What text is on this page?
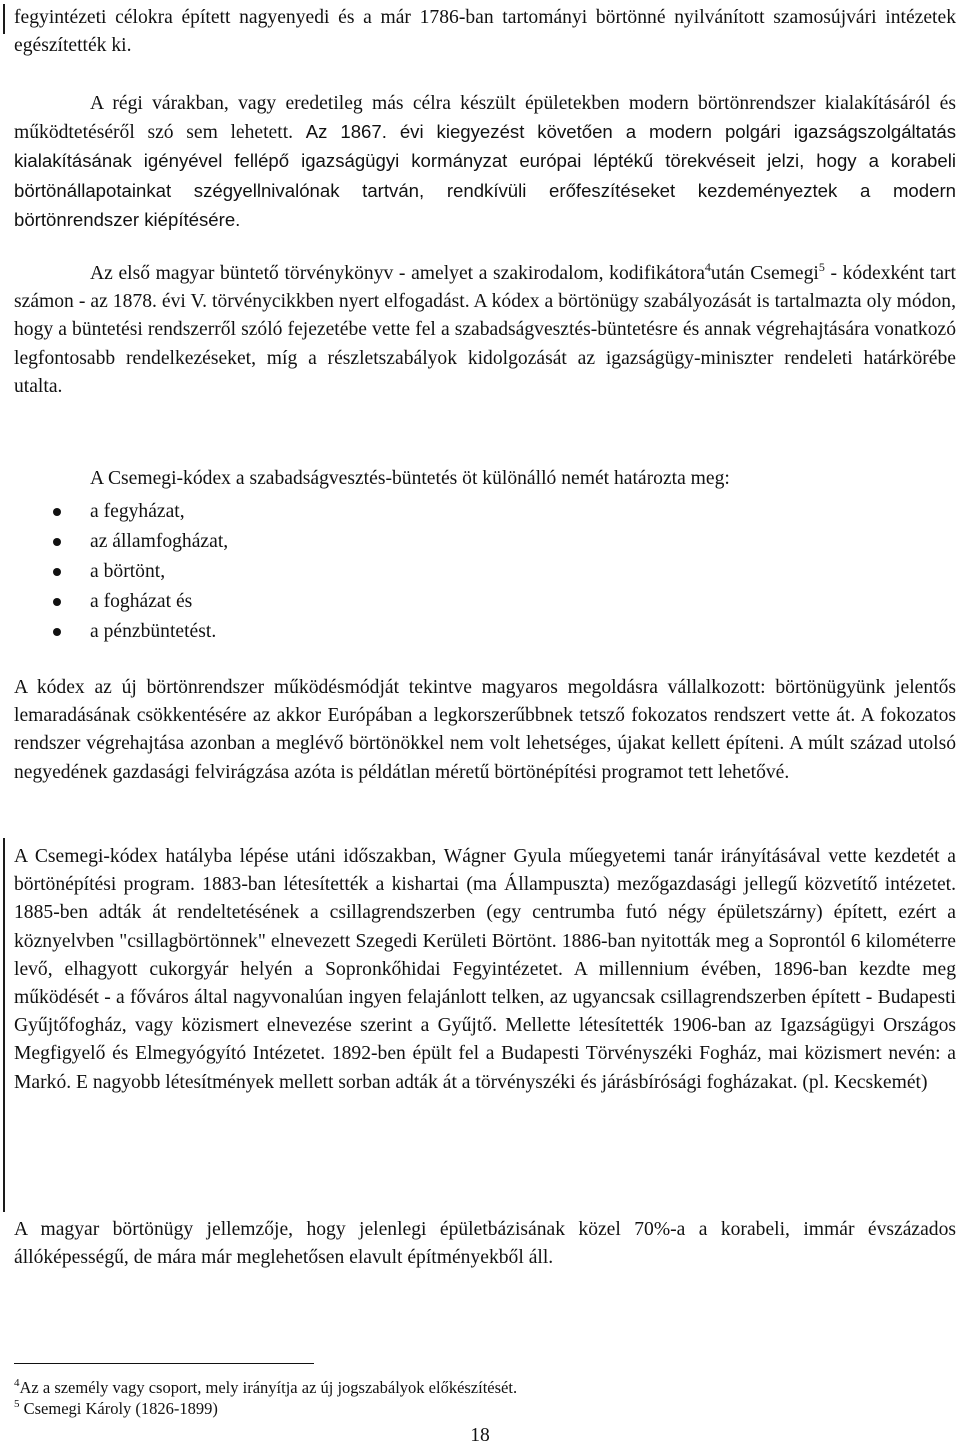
fegyintézeti célokra épített nagyenyedi és a már 1786-ban tartományi börtönné nyilvánított szamosújvári intézetek egészítették ki.

A régi várakban, vagy eredetileg más célra készült épületekben modern börtönrendszer kialakításáról és működtetéséről szó sem lehetett. Az 1867. évi kiegyezést követően a modern polgári igazságszolgáltatás kialakításának igényével fellépő igazságügyi kormányzat európai léptékű törekvéseit jelzi, hogy a korabeli börtönállapotainkat szégyellnivalónak tartván, rendkívüli erőfeszítéseket kezdeményeztek a modern börtönrendszer kiépítésére.

Az első magyar büntető törvénykönyv - amelyet a szakirodalom, kodifikátora$^4$után Csemegi$^5$ - kódexként tart számon - az 1878. évi V. törvénycikkben nyert elfogadást. A kódex a börtönügy szabályozását is tartalmazta oly módon, hogy a büntetési rendszerről szóló fejezetébe vette fel a szabadságvesztés-büntetésre és annak végrehajtására vonatkozó legfontosabb rendelkezéseket, míg a részletszabályok kidolgozását az igazságügy-miniszter rendeleti határkörébe utalta.

A Csemegi-kódex a szabadságvesztés-büntetés öt különálló nemét határozta meg:

a fegyházat,
az államfogházat,
a börtönt,
a fogházat és
a pénzbüntetést.

A kódex az új börtönrendszer működésmódját tekintve magyaros megoldásra vállalkozott: börtönügyünk jelentős lemaradásának csökkentésére az akkor Európában a legkorszerűbbnek tetsző fokozatos rendszert vette át. A fokozatos rendszer végrehajtása azonban a meglévő börtönökkel nem volt lehetséges, újakat kellett építeni. A múlt század utolsó negyedének gazdasági felvirágzása azóta is példátlan méretű börtönépítési programot tett lehetővé.

A Csemegi-kódex hatályba lépése utáni időszakban, Wágner Gyula műegyetemi tanár irányításával vette kezdetét a börtönépítési program. 1883-ban létesítették a kishartai (ma Állampuszta) mezőgazdasági jellegű közvetítő intézetet. 1885-ben adták át rendeltetésének a csillagrendszerben (egy centrumba futó négy épületszárny) épített, ezért a köznyelvben "csillagbörtönnek" elnevezett Szegedi Kerületi Börtönt. 1886-ban nyitották meg a Soprontól 6 kilométerre levő, elhagyott cukorgyár helyén a Sopronkőhidai Fegyintézetet. A millennium évében, 1896-ban kezdte meg működését - a főváros által nagyvonalúan ingyen felajánlott telken, az ugyancsak csillagrendszerben épített - Budapesti Gyűjtőfogház, vagy közismert elnevezése szerint a Gyűjtő. Mellette létesítették 1906-ban az Igazságügyi Országos Megfigyelő és Elmegyógyító Intézetet. 1892-ben épült fel a Budapesti Törvényszéki Fogház, mai közismert nevén: a Markó. E nagyobb létesítmények mellett sorban adták át a törvényszéki és járásbírósági fogházakat. (pl. Kecskemét)

A magyar börtönügy jellemzője, hogy jelenlegi épületbázisának közel 70%-a a korabeli, immár évszázados állóképességű, de mára már meglehetősen elavult építményekből áll.

$^4$Az a személy vagy csoport, mely irányítja az új jogszabályok előkészítését.

$^5$ Csemegi Károly (1826-1899)

18
